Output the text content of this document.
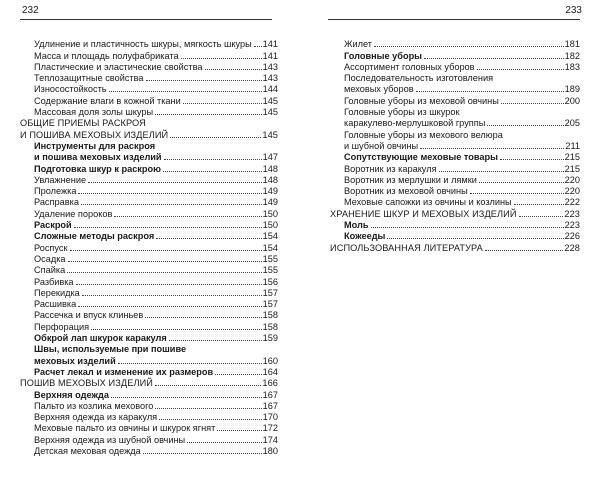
232
Удлинение и пластичность шкуры, мягкость шкуры 141
Масса и площадь полуфабриката	141
Пластические и эластические свойства	143
Теплозащитные свойства	143
Износостойкость	144
Содержание влаги в кожной ткани	145
Массовая доля золы шкуры	145
ОБЩИЕ ПРИЕМЫ РАСКРОЯ
И ПОШИВА МЕХОВЫХ ИЗДЕЛИЙ	145
Инструменты для раскроя
и пошива меховых изделий	147
Подготовка шкур к раскрою	148
Увлажнение	148
Пролежка	149
Расправка	149
Удаление пороков	150
Раскрой	150
Сложные методы раскроя	154
Роспуск	154
Осадка	155
Спайка	155
Разбивка	156
Перекидка	157
Расшивка	157
Рассечка и впуск клиньев	158
Перфорация	158
Обкрой лап шкурок каракуля	159
Швы, используемые при пошиве
меховых изделий	160
Расчет лекал и изменение их размеров	164
ПОШИВ МЕХОВЫХ ИЗДЕЛИЙ	166
Верхняя одежда	167
Пальто из козлика мехового	167
Верхняя одежда из каракуля	170
Меховые пальто из овчины и шкурок ягнят	172
Верхняя одежда из шубной овчины	174
Детская меховая одежда	180
233
Жилет	181
Головные уборы	182
Ассортимент головных уборов	183
Последовательность изготовления
меховых уборов	189
Головные уборы из меховой овчины	200
Головные уборы из шкурок
каракулево-мерлушковой группы	205
Головные уборы из мехового велюра
и шубной овчины	211
Сопутствующие меховые товары	215
Воротник из каракуля	215
Воротник из мерлушки и лямки	220
Воротник из меховой овчины	220
Меховые сапожки из овчины и козлины	222
ХРАНЕНИЕ ШКУР И МЕХОВЫХ ИЗДЕЛИЙ	223
Моль	223
Кожееды	226
ИСПОЛЬЗОВАННАЯ ЛИТЕРАТУРА	228
